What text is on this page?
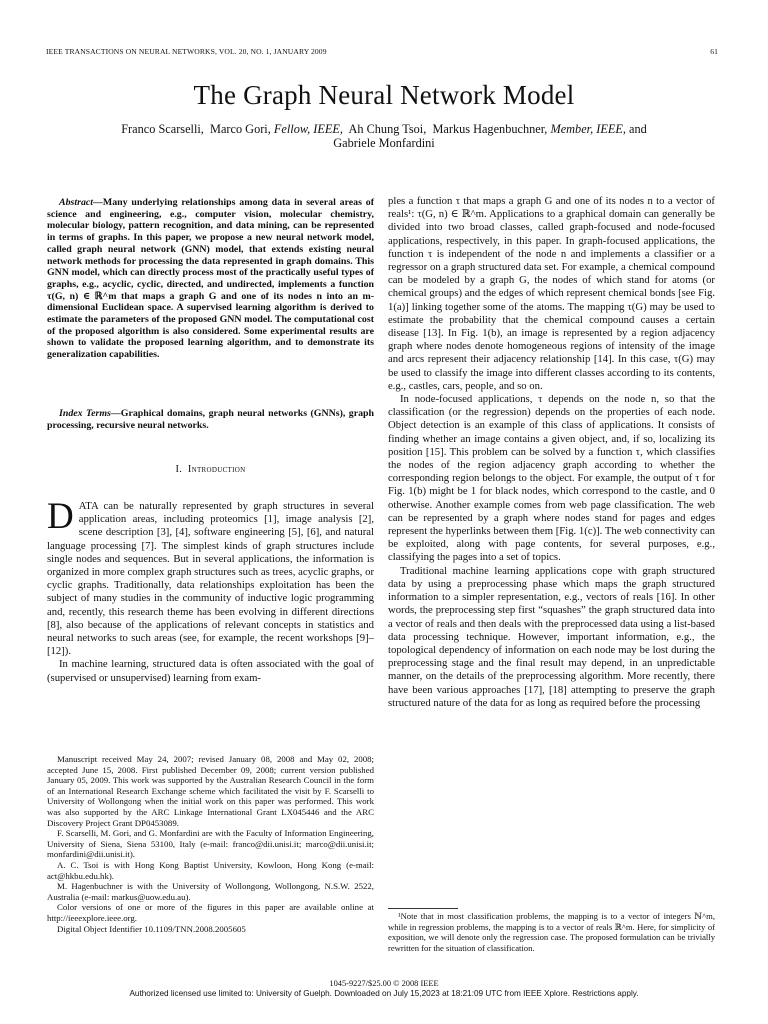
IEEE TRANSACTIONS ON NEURAL NETWORKS, VOL. 20, NO. 1, JANUARY 2009	61
The Graph Neural Network Model
Franco Scarselli, Marco Gori, Fellow, IEEE, Ah Chung Tsoi, Markus Hagenbuchner, Member, IEEE, and
Gabriele Monfardini
Abstract—Many underlying relationships among data in several areas of science and engineering, e.g., computer vision, molecular chemistry, molecular biology, pattern recognition, and data mining, can be represented in terms of graphs. In this paper, we propose a new neural network model, called graph neural network (GNN) model, that extends existing neural network methods for processing the data represented in graph domains. This GNN model, which can directly process most of the practically useful types of graphs, e.g., acyclic, cyclic, directed, and undirected, implements a function τ(G, n) ∈ ℝ^m that maps a graph G and one of its nodes n into an m-dimensional Euclidean space. A supervised learning algorithm is derived to estimate the parameters of the proposed GNN model. The computational cost of the proposed algorithm is also considered. Some experimental results are shown to validate the proposed learning algorithm, and to demonstrate its generalization capabilities.
Index Terms—Graphical domains, graph neural networks (GNNs), graph processing, recursive neural networks.
I. Introduction

DATA can be naturally represented by graph structures in several application areas, including proteomics [1], image analysis [2], scene description [3], [4], software engineering [5], [6], and natural language processing [7]. The simplest kinds of graph structures include single nodes and sequences. But in several applications, the information is organized in more complex graph structures such as trees, acyclic graphs, or cyclic graphs. Traditionally, data relationships exploitation has been the subject of many studies in the community of inductive logic programming and, recently, this research theme has been evolving in different directions [8], also because of the applications of relevant concepts in statistics and neural networks to such areas (see, for example, the recent workshops [9]–[12]).

In machine learning, structured data is often associated with the goal of (supervised or unsupervised) learning from exam-

Manuscript received May 24, 2007; revised January 08, 2008 and May 02, 2008; accepted June 15, 2008. First published December 09, 2008; current version published January 05, 2009. This work was supported by the Australian Research Council in the form of an International Research Exchange scheme which facilitated the visit by F. Scarselli to University of Wollongong when the initial work on this paper was performed. This work was also supported by the ARC Linkage International Grant LX045446 and the ARC Discovery Project Grant DP0453089.

F. Scarselli, M. Gori, and G. Monfardini are with the Faculty of Information Engineering, University of Siena, Siena 53100, Italy (e-mail: franco@dii.unisi.it; marco@dii.unisi.it; monfardini@dii.unisi.it).

A. C. Tsoi is with Hong Kong Baptist University, Kowloon, Hong Kong (e-mail: act@hkbu.edu.hk).

M. Hagenbuchner is with the University of Wollongong, Wollongong, N.S.W. 2522, Australia (e-mail: markus@uow.edu.au).

Color versions of one or more of the figures in this paper are available online at http://ieeexplore.ieee.org.

Digital Object Identifier 10.1109/TNN.2008.2005605

ples a function τ that maps a graph G and one of its nodes n to a vector of reals¹: τ(G, n) ∈ ℝ^m. Applications to a graphical domain can generally be divided into two broad classes, called graph-focused and node-focused applications, respectively, in this paper. In graph-focused applications, the function τ is independent of the node n and implements a classifier or a regressor on a graph structured data set. For example, a chemical compound can be modeled by a graph G, the nodes of which stand for atoms (or chemical groups) and the edges of which represent chemical bonds [see Fig. 1(a)] linking together some of the atoms. The mapping τ(G) may be used to estimate the probability that the chemical compound causes a certain disease [13]. In Fig. 1(b), an image is represented by a region adjacency graph where nodes denote homogeneous regions of intensity of the image and arcs represent their adjacency relationship [14]. In this case, τ(G) may be used to classify the image into different classes according to its contents, e.g., castles, cars, people, and so on.

In node-focused applications, τ depends on the node n, so that the classification (or the regression) depends on the properties of each node. Object detection is an example of this class of applications. It consists of finding whether an image contains a given object, and, if so, localizing its position [15]. This problem can be solved by a function τ, which classifies the nodes of the region adjacency graph according to whether the corresponding region belongs to the object. For example, the output of τ for Fig. 1(b) might be 1 for black nodes, which correspond to the castle, and 0 otherwise. Another example comes from web page classification. The web can be represented by a graph where nodes stand for pages and edges represent the hyperlinks between them [Fig. 1(c)]. The web connectivity can be exploited, along with page contents, for several purposes, e.g., classifying the pages into a set of topics.

Traditional machine learning applications cope with graph structured data by using a preprocessing phase which maps the graph structured information to a simpler representation, e.g., vectors of reals [16]. In other words, the preprocessing step first “squashes” the graph structured data into a vector of reals and then deals with the preprocessed data using a list-based data processing technique. However, important information, e.g., the topological dependency of information on each node may be lost during the preprocessing stage and the final result may depend, in an unpredictable manner, on the details of the preprocessing algorithm. More recently, there have been various approaches [17], [18] attempting to preserve the graph structured nature of the data for as long as required before the processing

¹Note that in most classification problems, the mapping is to a vector of integers ℕ^m, while in regression problems, the mapping is to a vector of reals ℝ^m. Here, for simplicity of exposition, we will denote only the regression case. The proposed formulation can be trivially rewritten for the situation of classification.

1045-9227/$25.00 © 2008 IEEE
Authorized licensed use limited to: University of Guelph. Downloaded on July 15,2023 at 18:21:09 UTC from IEEE Xplore. Restrictions apply.
